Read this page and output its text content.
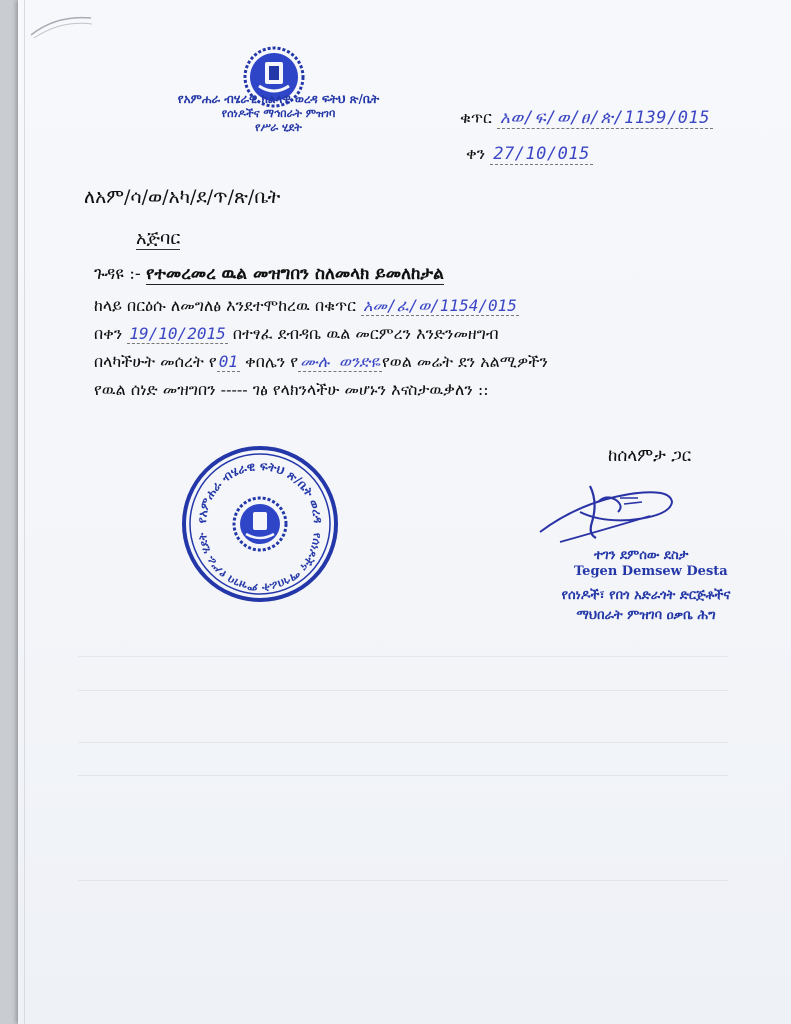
የአምሐራ ብሄራዊ ክልላዊ ወረዳ ፍትህ ጽ/ቤት
የሰነዶችና ማኅበራት ምዝገባ
የሥራ ሂደት
ቁጥር አወ/ፍ/ወ/ፀ/ጵ/1139/015
ቀን 27/10/015
ለአም/ሳ/ወ/አካ/ደ/ጥ/ጽ/ቤት
አጅባር
ጉዳዩ :- የተመረመረ ዉል መዝግበን ስለመላክ ይመለከታል

ከላይ በርዕሱ ለመግለፅ እንደተሞከረዉ በቁጥር አመ/ፈ/ወ/1154/015

በቀን 19/10/2015 በተፃፈ ደብዳቤ ዉል መርምረን እንድንመዘግብ

በላካችሁት መሰረት የ 01 ቀበሌን የ ሙሉ ወንድዬ የወል መሬት ደን አልሚዎችን

የዉል ሰነድ መዝግበን ----- ገፅ የላክንላችሁ መሆኑን እናስታዉቃለን ::

ከሰላምታ ጋር
የአምሐራ ብሄራዊ ፍትህ ጽ/ቤት ወረዳ
የሰነዶችና ማኅበራት ምዝገባ የሥራ ሂደት
ተገን ደምሰው ደስታ
Tegen Demsew Desta
የሰነዶች፣ የበጎ አድራጎት ድርጅቶችና
ማህበራት ምዝገባ ዐቃቤ ሕግ
